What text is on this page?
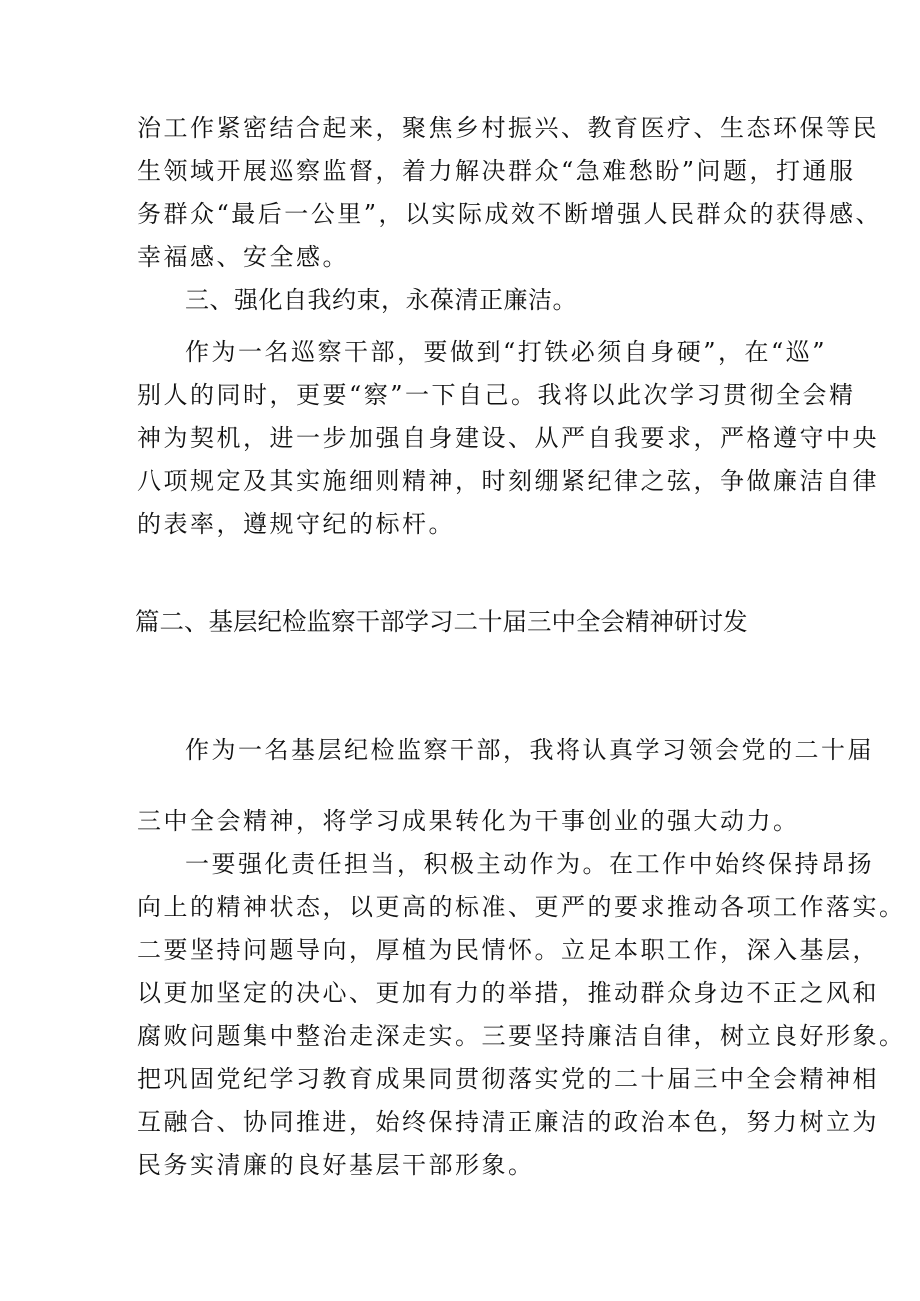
治工作紧密结合起来，聚焦乡村振兴、教育医疗、生态环保等民
生领域开展巡察监督，着力解决群众“急难愁盼”问题，打通服
务群众“最后一公里”，以实际成效不断增强人民群众的获得感、
幸福感、安全感。
三、强化自我约束，永葆清正廉洁。
作为一名巡察干部，要做到“打铁必须自身硬”，在“巡”
别人的同时，更要“察”一下自己。我将以此次学习贯彻全会精
神为契机，进一步加强自身建设、从严自我要求，严格遵守中央
八项规定及其实施细则精神，时刻绷紧纪律之弦，争做廉洁自律
的表率，遵规守纪的标杆。
篇二、基层纪检监察干部学习二十届三中全会精神研讨发
作为一名基层纪检监察干部，我将认真学习领会党的二十届
三中全会精神，将学习成果转化为干事创业的强大动力。
一要强化责任担当，积极主动作为。在工作中始终保持昂扬
向上的精神状态，以更高的标准、更严的要求推动各项工作落实。
二要坚持问题导向，厚植为民情怀。立足本职工作，深入基层，
以更加坚定的决心、更加有力的举措，推动群众身边不正之风和
腐败问题集中整治走深走实。三要坚持廉洁自律，树立良好形象。
把巩固党纪学习教育成果同贯彻落实党的二十届三中全会精神相
互融合、协同推进，始终保持清正廉洁的政治本色，努力树立为
民务实清廉的良好基层干部形象。
